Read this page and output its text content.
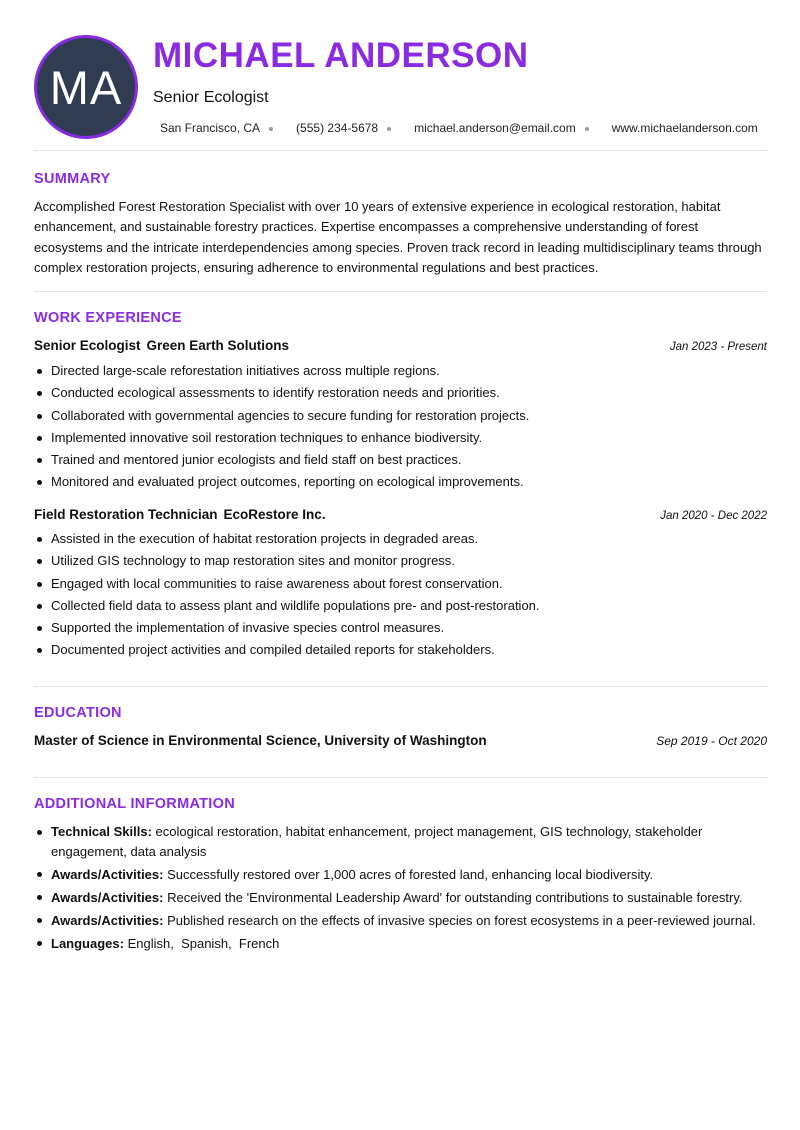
MA
MICHAEL ANDERSON
Senior Ecologist
San Francisco, CA	(555) 234-5678	michael.anderson@email.com	www.michaelanderson.com
SUMMARY
Accomplished Forest Restoration Specialist with over 10 years of extensive experience in ecological restoration, habitat enhancement, and sustainable forestry practices. Expertise encompasses a comprehensive understanding of forest ecosystems and the intricate interdependencies among species. Proven track record in leading multidisciplinary teams through complex restoration projects, ensuring adherence to environmental regulations and best practices.
WORK EXPERIENCE
Senior Ecologist Green Earth Solutions	Jan 2023 - Present
Directed large-scale reforestation initiatives across multiple regions.
Conducted ecological assessments to identify restoration needs and priorities.
Collaborated with governmental agencies to secure funding for restoration projects.
Implemented innovative soil restoration techniques to enhance biodiversity.
Trained and mentored junior ecologists and field staff on best practices.
Monitored and evaluated project outcomes, reporting on ecological improvements.
Field Restoration Technician EcoRestore Inc.	Jan 2020 - Dec 2022
Assisted in the execution of habitat restoration projects in degraded areas.
Utilized GIS technology to map restoration sites and monitor progress.
Engaged with local communities to raise awareness about forest conservation.
Collected field data to assess plant and wildlife populations pre- and post-restoration.
Supported the implementation of invasive species control measures.
Documented project activities and compiled detailed reports for stakeholders.
EDUCATION
Master of Science in Environmental Science, University of Washington	Sep 2019 - Oct 2020
ADDITIONAL INFORMATION
Technical Skills: ecological restoration, habitat enhancement, project management, GIS technology, stakeholder engagement, data analysis
Awards/Activities: Successfully restored over 1,000 acres of forested land, enhancing local biodiversity.
Awards/Activities: Received the 'Environmental Leadership Award' for outstanding contributions to sustainable forestry.
Awards/Activities: Published research on the effects of invasive species on forest ecosystems in a peer-reviewed journal.
Languages: English,  Spanish,  French
